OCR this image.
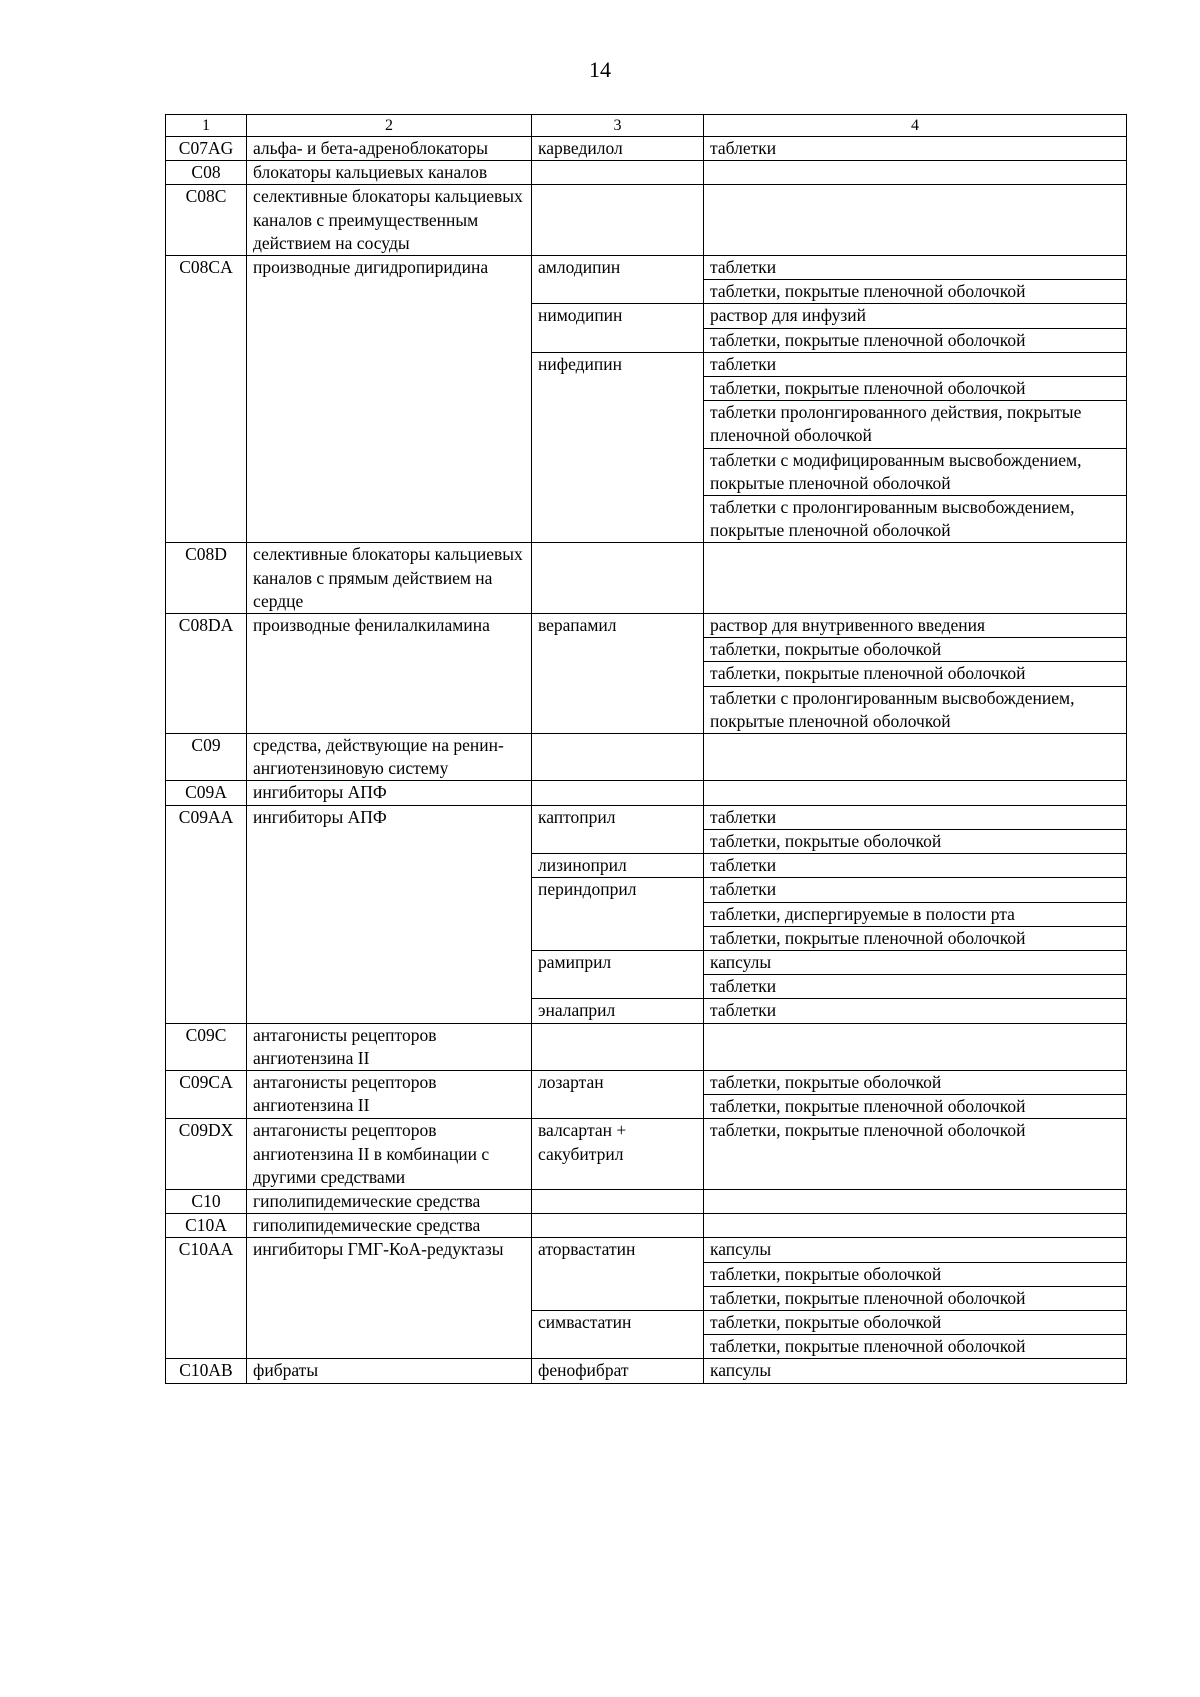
14
1	2	3	4
C07AG	альфа- и бета-адреноблокаторы	карведилол	таблетки
C08	блокаторы кальциевых каналов		
C08C	селективные блокаторы кальциевых каналов с преимущественным действием на сосуды		
C08CA	производные дигидропиридина	амлодипин	таблетки
			таблетки, покрытые пленочной оболочкой
		нимодипин	раствор для инфузий
			таблетки, покрытые пленочной оболочкой
		нифедипин	таблетки
			таблетки, покрытые пленочной оболочкой
			таблетки пролонгированного действия, покрытые пленочной оболочкой
			таблетки с модифицированным высвобождением, покрытые пленочной оболочкой
			таблетки с пролонгированным высвобождением, покрытые пленочной оболочкой
C08D	селективные блокаторы кальциевых каналов с прямым действием на сердце		
C08DA	производные фенилалкиламина	верапамил	раствор для внутривенного введения
			таблетки, покрытые оболочкой
			таблетки, покрытые пленочной оболочкой
			таблетки с пролонгированным высвобождением, покрытые пленочной оболочкой
C09	средства, действующие на ренин-ангиотензиновую систему		
C09A	ингибиторы АПФ		
C09AA	ингибиторы АПФ	каптоприл	таблетки
			таблетки, покрытые оболочкой
		лизиноприл	таблетки
		периндоприл	таблетки
			таблетки, диспергируемые в полости рта
			таблетки, покрытые пленочной оболочкой
		рамиприл	капсулы
			таблетки
		эналаприл	таблетки
C09C	антагонисты рецепторов ангиотензина II		
C09CA	антагонисты рецепторов ангиотензина II	лозартан	таблетки, покрытые оболочкой
			таблетки, покрытые пленочной оболочкой
C09DX	антагонисты рецепторов ангиотензина II в комбинации с другими средствами	валсартан + сакубитрил	таблетки, покрытые пленочной оболочкой
C10	гиполипидемические средства		
C10A	гиполипидемические средства		
C10AA	ингибиторы ГМГ-КоА-редуктазы	аторвастатин	капсулы
			таблетки, покрытые оболочкой
			таблетки, покрытые пленочной оболочкой
		симвастатин	таблетки, покрытые оболочкой
			таблетки, покрытые пленочной оболочкой
C10AB	фибраты	фенофибрат	капсулы
